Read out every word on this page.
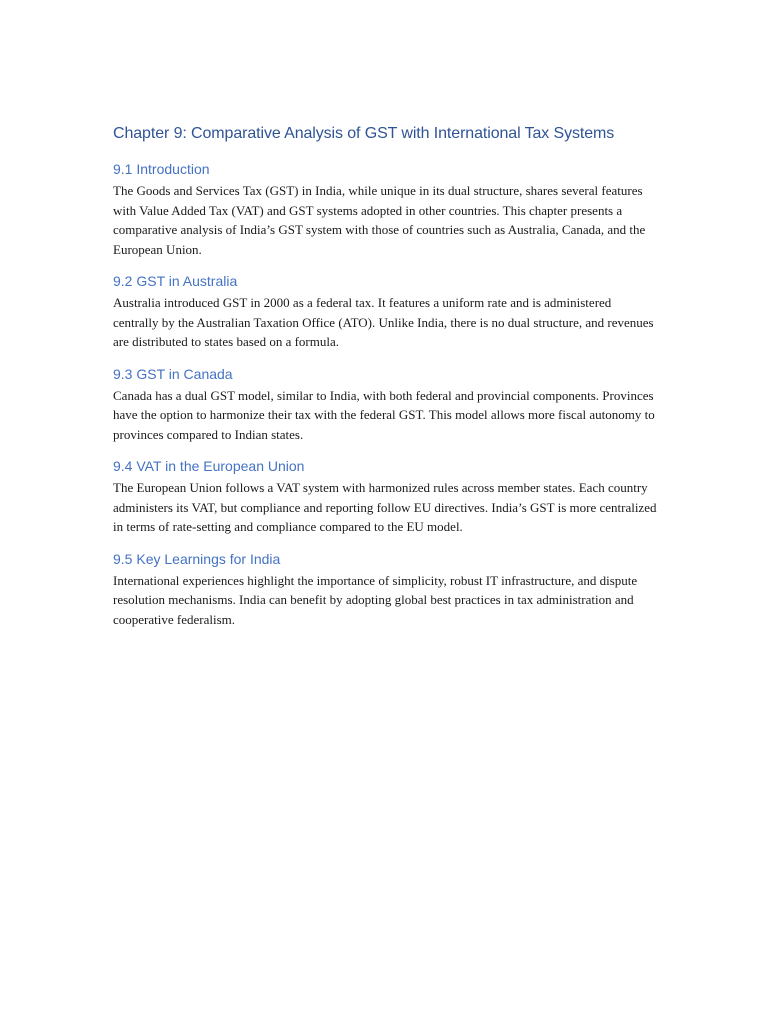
Chapter 9: Comparative Analysis of GST with International Tax Systems
9.1 Introduction

The Goods and Services Tax (GST) in India, while unique in its dual structure, shares several features with Value Added Tax (VAT) and GST systems adopted in other countries. This chapter presents a comparative analysis of India’s GST system with those of countries such as Australia, Canada, and the European Union.

9.2 GST in Australia

Australia introduced GST in 2000 as a federal tax. It features a uniform rate and is administered centrally by the Australian Taxation Office (ATO). Unlike India, there is no dual structure, and revenues are distributed to states based on a formula.

9.3 GST in Canada

Canada has a dual GST model, similar to India, with both federal and provincial components. Provinces have the option to harmonize their tax with the federal GST. This model allows more fiscal autonomy to provinces compared to Indian states.

9.4 VAT in the European Union

The European Union follows a VAT system with harmonized rules across member states. Each country administers its VAT, but compliance and reporting follow EU directives. India’s GST is more centralized in terms of rate-setting and compliance compared to the EU model.

9.5 Key Learnings for India

International experiences highlight the importance of simplicity, robust IT infrastructure, and dispute resolution mechanisms. India can benefit by adopting global best practices in tax administration and cooperative federalism.
